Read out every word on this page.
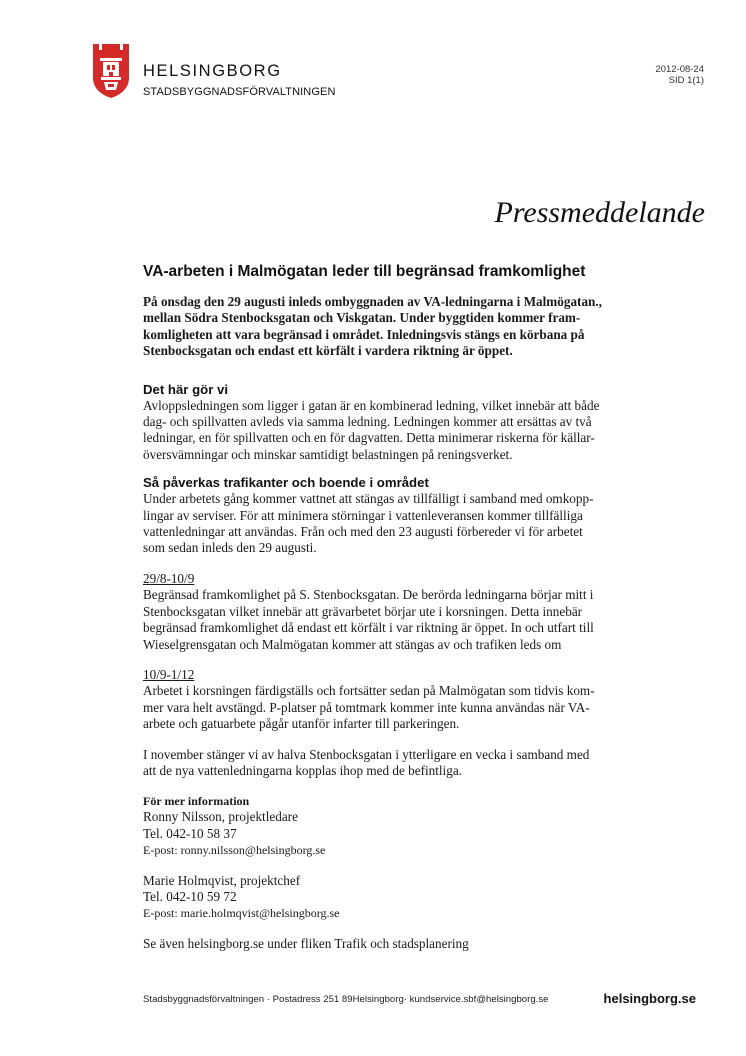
HELSINGBORG
STADSBYGGNADSFÖRVALTNINGEN
2012-08-24
SID 1(1)
Pressmeddelande
VA-arbeten i Malmögatan leder till begränsad framkomlighet

På onsdag den 29 augusti inleds ombyggnaden av VA-ledningarna i Malmögatan.,
mellan Södra Stenbocksgatan och Viskgatan. Under byggtiden kommer fram-
komligheten att vara begränsad i området. Inledningsvis stängs en körbana på
Stenbocksgatan och endast ett körfält i vardera riktning är öppet.

Det här gör vi

Avloppsledningen som ligger i gatan är en kombinerad ledning, vilket innebär att både
dag- och spillvatten avleds via samma ledning. Ledningen kommer att ersättas av två
ledningar, en för spillvatten och en för dagvatten. Detta minimerar riskerna för källar-
översvämningar och minskar samtidigt belastningen på reningsverket.

Så påverkas trafikanter och boende i området

Under arbetets gång kommer vattnet att stängas av tillfälligt i samband med omkopp-
lingar av serviser. För att minimera störningar i vattenleveransen kommer tillfälliga
vattenledningar att användas. Från och med den 23 augusti förbereder vi för arbetet
som sedan inleds den 29 augusti.

29/8-10/9

Begränsad framkomlighet på S. Stenbocksgatan. De berörda ledningarna börjar mitt i
Stenbocksgatan vilket innebär att grävarbetet börjar ute i korsningen. Detta innebär
begränsad framkomlighet då endast ett körfält i var riktning är öppet. In och utfart till
Wieselgrensgatan och Malmögatan kommer att stängas av och trafiken leds om

10/9-1/12

Arbetet i korsningen färdigställs och fortsätter sedan på Malmögatan som tidvis kom-
mer vara helt avstängd. P-platser på tomtmark kommer inte kunna användas när VA-
arbete och gatuarbete pågår utanför infarter till parkeringen.

I november stänger vi av halva Stenbocksgatan i ytterligare en vecka i samband med
att de nya vattenledningarna kopplas ihop med de befintliga.

För mer information

Ronny Nilsson, projektledare
Tel. 042-10 58 37
E-post: ronny.nilsson@helsingborg.se

Marie Holmqvist, projektchef
Tel. 042-10 59 72
E-post: marie.holmqvist@helsingborg.se

Se även helsingborg.se under fliken Trafik och stadsplanering

Stadsbyggnadsförvaltningen · Postadress 251 89Helsingborg· kundservice.sbf@helsingborg.se	helsingborg.se
